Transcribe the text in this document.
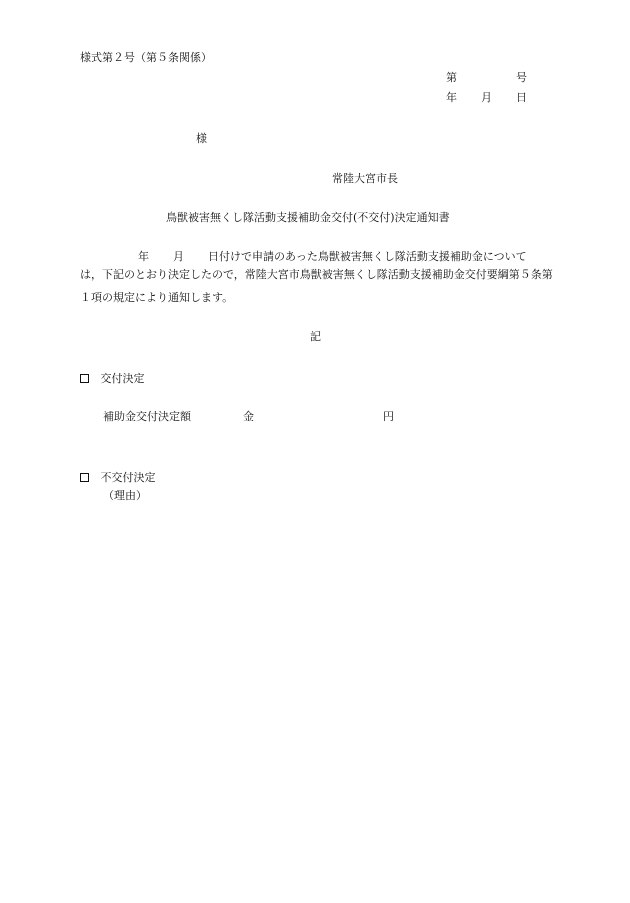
様式第２号（第５条関係）
第	号
年 月 日
様
常陸大宮市長
鳥獣被害無くし隊活動支援補助金交付(不交付)決定通知書
年 月 日付けで申請のあった鳥獣被害無くし隊活動支援補助金について
は，下記のとおり決定したので，常陸大宮市鳥獣被害無くし隊活動支援補助金交付要綱第５条第１項の規定により通知します。
記
交付決定
補助金交付決定額	金	円
不交付決定
（理由）
